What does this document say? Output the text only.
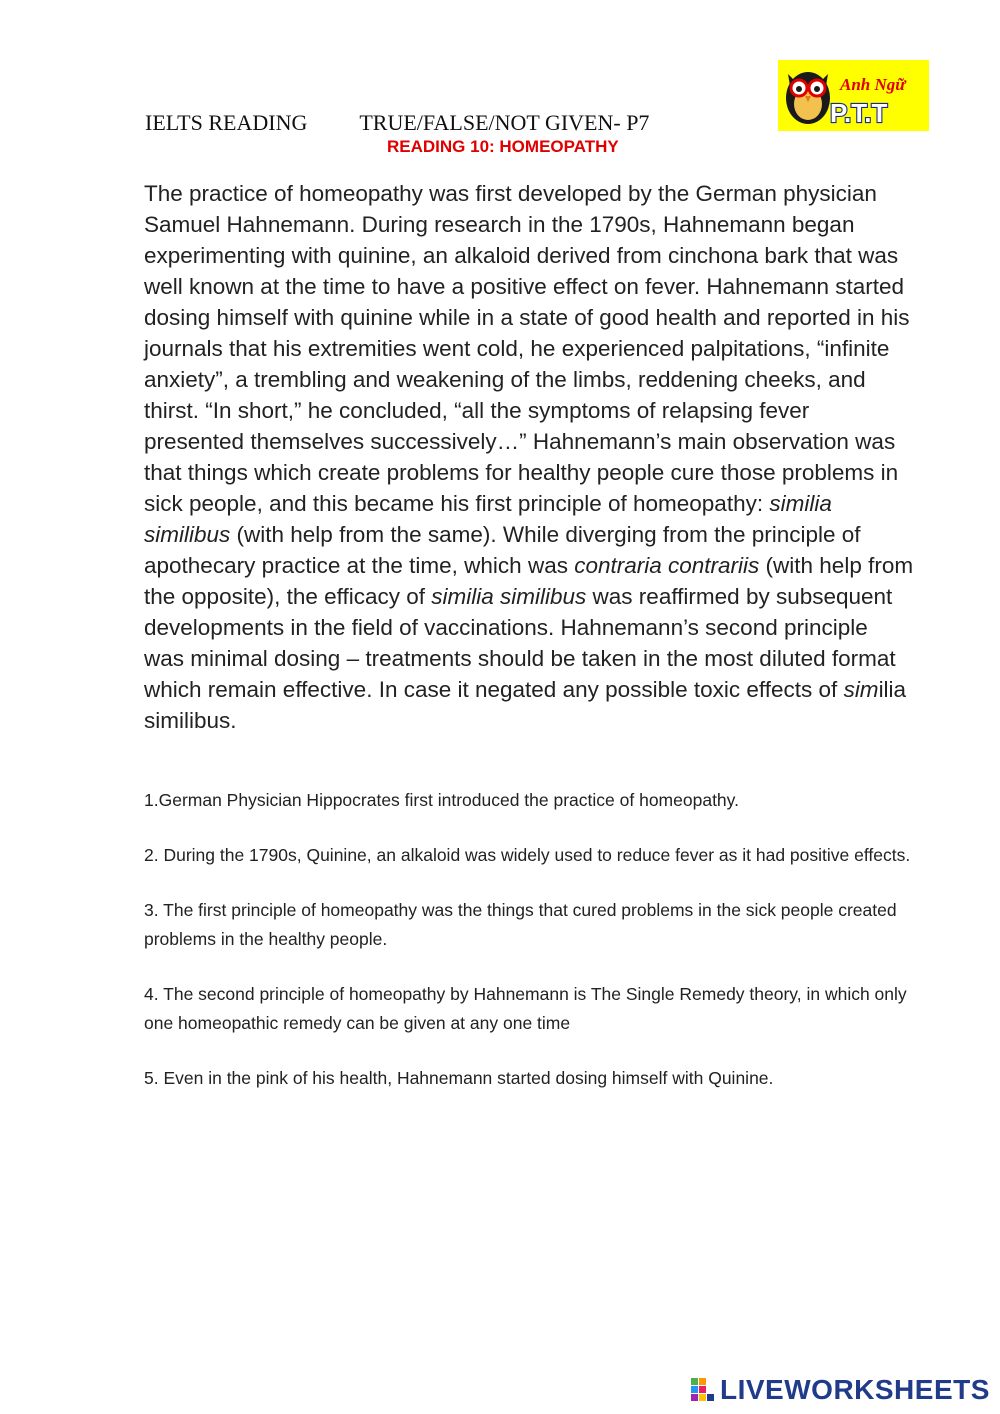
IELTS READING TRUE/FALSE/NOT GIVEN- P7
READING 10: HOMEOPATHY
Anh Ngữ
P.T.T

The practice of homeopathy was first developed by the German physician Samuel Hahnemann. During research in the 1790s, Hahnemann began experimenting with quinine, an alkaloid derived from cinchona bark that was well known at the time to have a positive effect on fever. Hahnemann started dosing himself with quinine while in a state of good health and reported in his journals that his extremities went cold, he experienced palpitations, “infinite anxiety”, a trembling and weakening of the limbs, reddening cheeks, and thirst. “In short,” he concluded, “all the symptoms of relapsing fever presented themselves successively…” Hahnemann’s main observation was that things which create problems for healthy people cure those problems in sick people, and this became his first principle of homeopathy: similia similibus (with help from the same). While diverging from the principle of apothecary practice at the time, which was contraria contrariis (with help from the opposite), the efficacy of similia similibus was reaffirmed by subsequent developments in the field of vaccinations. Hahnemann’s second principle was minimal dosing – treatments should be taken in the most diluted format which remain effective. In case it negated any possible toxic effects of similia similibus.

1.German Physician Hippocrates first introduced the practice of homeopathy.

2. During the 1790s, Quinine, an alkaloid was widely used to reduce fever as it had positive effects.

3. The first principle of homeopathy was the things that cured problems in the sick people created problems in the healthy people.

4. The second principle of homeopathy by Hahnemann is The Single Remedy theory, in which only one homeopathic remedy can be given at any one time

5. Even in the pink of his health, Hahnemann started dosing himself with Quinine.

LIVEWORKSHEETS
